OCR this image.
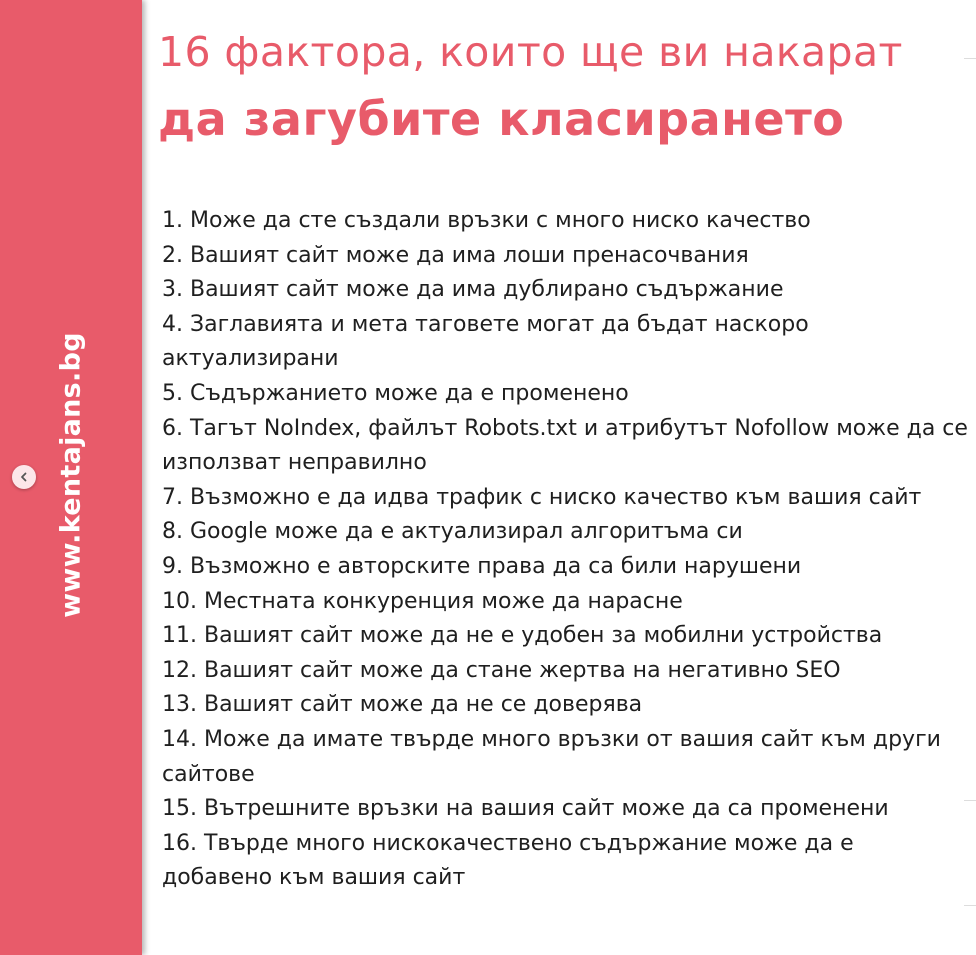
www.kentajans.bg
16 фактора, които ще ви накарат
да загубите класирането
1. Може да сте създали връзки с много ниско качество
2. Вашият сайт може да има лоши пренасочвания
3. Вашият сайт може да има дублирано съдържание
4. Заглавията и мета таговете могат да бъдат наскоро актуализирани
5. Съдържанието може да е променено
6. Тагът NoIndex, файлът Robots.txt и атрибутът Nofollow може да се използват неправилно
7. Възможно е да идва трафик с ниско качество към вашия сайт
8. Google може да е актуализирал алгоритъма си
9. Възможно е авторските права да са били нарушени
10. Местната конкуренция може да нарасне
11. Вашият сайт може да не е удобен за мобилни устройства
12. Вашият сайт може да стане жертва на негативно SEO
13. Вашият сайт може да не се доверява
14. Може да имате твърде много връзки от вашия сайт към други сайтове
15. Вътрешните връзки на вашия сайт може да са променени
16. Твърде много нискокачествено съдържание може да е добавено към вашия сайт
